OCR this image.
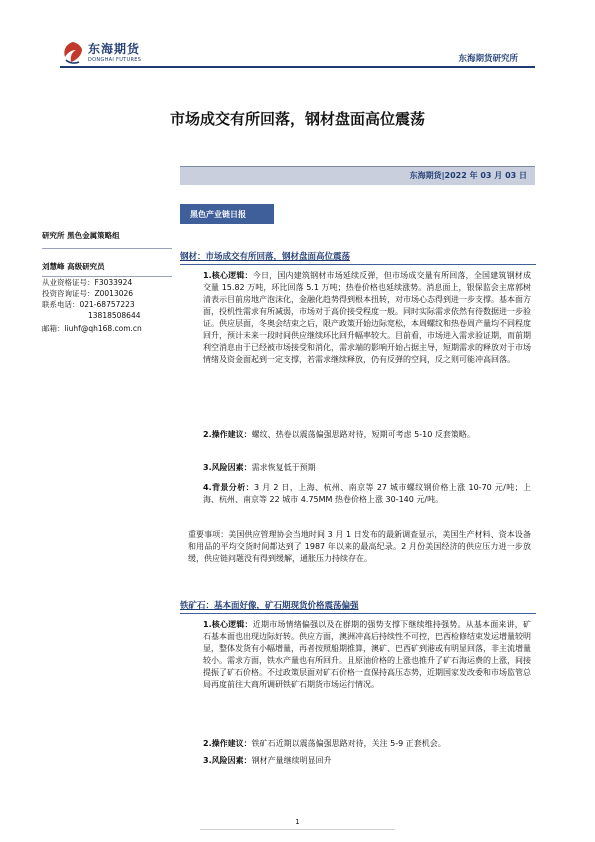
东海期货
DONGHAI FUTURES	东海期货研究所
市场成交有所回落，钢材盘面高位震荡
东海期货|2022 年 03 月 03 日
黑色产业链日报
研究所 黑色金属策略组
刘慧峰 高级研究员
从业资格证号：F3033924
投资咨询证号：Z0013026
联系电话：021-68757223
13818508644
邮箱：liuhf@qh168.com.cn
钢材：市场成交有所回落，钢材盘面高位震荡
1.核心逻辑：今日，国内建筑钢材市场延续反弹，但市场成交量有所回落，全国建筑钢材成交量 15.82 万吨，环比回落 5.1 万吨；热卷价格也延续涨势。消息面上，银保监会主席郭树清表示目前房地产泡沫化，金融化趋势得到根本扭转，对市场心态得到进一步支撑。基本面方面，投机性需求有所减弱，市场对于高价接受程度一般。同时实际需求依然有待数据进一步验证。供应层面，冬奥会结束之后，限产政策开始边际宽松，本周螺纹和热卷周产量均不同程度回升，预计未来一段时间供应继续环比回升幅率较大。目前看，市场进入需求验证期，而前期利空消息由于已经被市场接受和消化，需求端的影响开始占据主导，短期需求的释放对于市场情绪及资金面起到一定支撑，若需求继续释放，仍有反弹的空间，反之则可能冲高回落。
2.操作建议：螺纹、热卷以震荡偏强思路对待，短期可考虑 5-10 反套策略。
3.风险因素：需求恢复低于预期
4.背景分析：3 月 2 日，上海、杭州、南京等 27 城市螺纹钢价格上涨 10-70 元/吨；上海、杭州、南京等 22 城市 4.75MM 热卷价格上涨 30-140 元/吨。
重要事项：美国供应管理协会当地时间 3 月 1 日发布的最新调查显示，美国生产材料、资本设备和用品的平均交货时间都达到了 1987 年以来的最高纪录。2 月份美国经济的供应压力进一步放缓，供应链问题没有得到缓解，通胀压力持续存在。
铁矿石：基本面好像，矿石期现货价格震荡偏强
1.核心逻辑：近期市场情绪偏强以及在群期的强势支撑下继续维持强势。从基本面来讲，矿石基本面也出现边际好转。供应方面，澳洲冲高后持续性不可控，巴西检修结束发运增量较明显，整体发货有小幅增量，再者按照船期推算，澳矿、巴西矿到港或有明显回落，非主流增量较小。需求方面，铁水产量也有所回升。且原油价格的上涨也推升了矿石海运费的上涨，间接提振了矿石价格。不过政策层面对矿石价格一直保持高压态势，近期国家发改委和市场监管总局再度前往大商所调研铁矿石期货市场运行情况。
2.操作建议：铁矿石近期以震荡偏强思路对待，关注 5-9 正套机会。
3.风险因素：钢材产量继续明显回升
1
